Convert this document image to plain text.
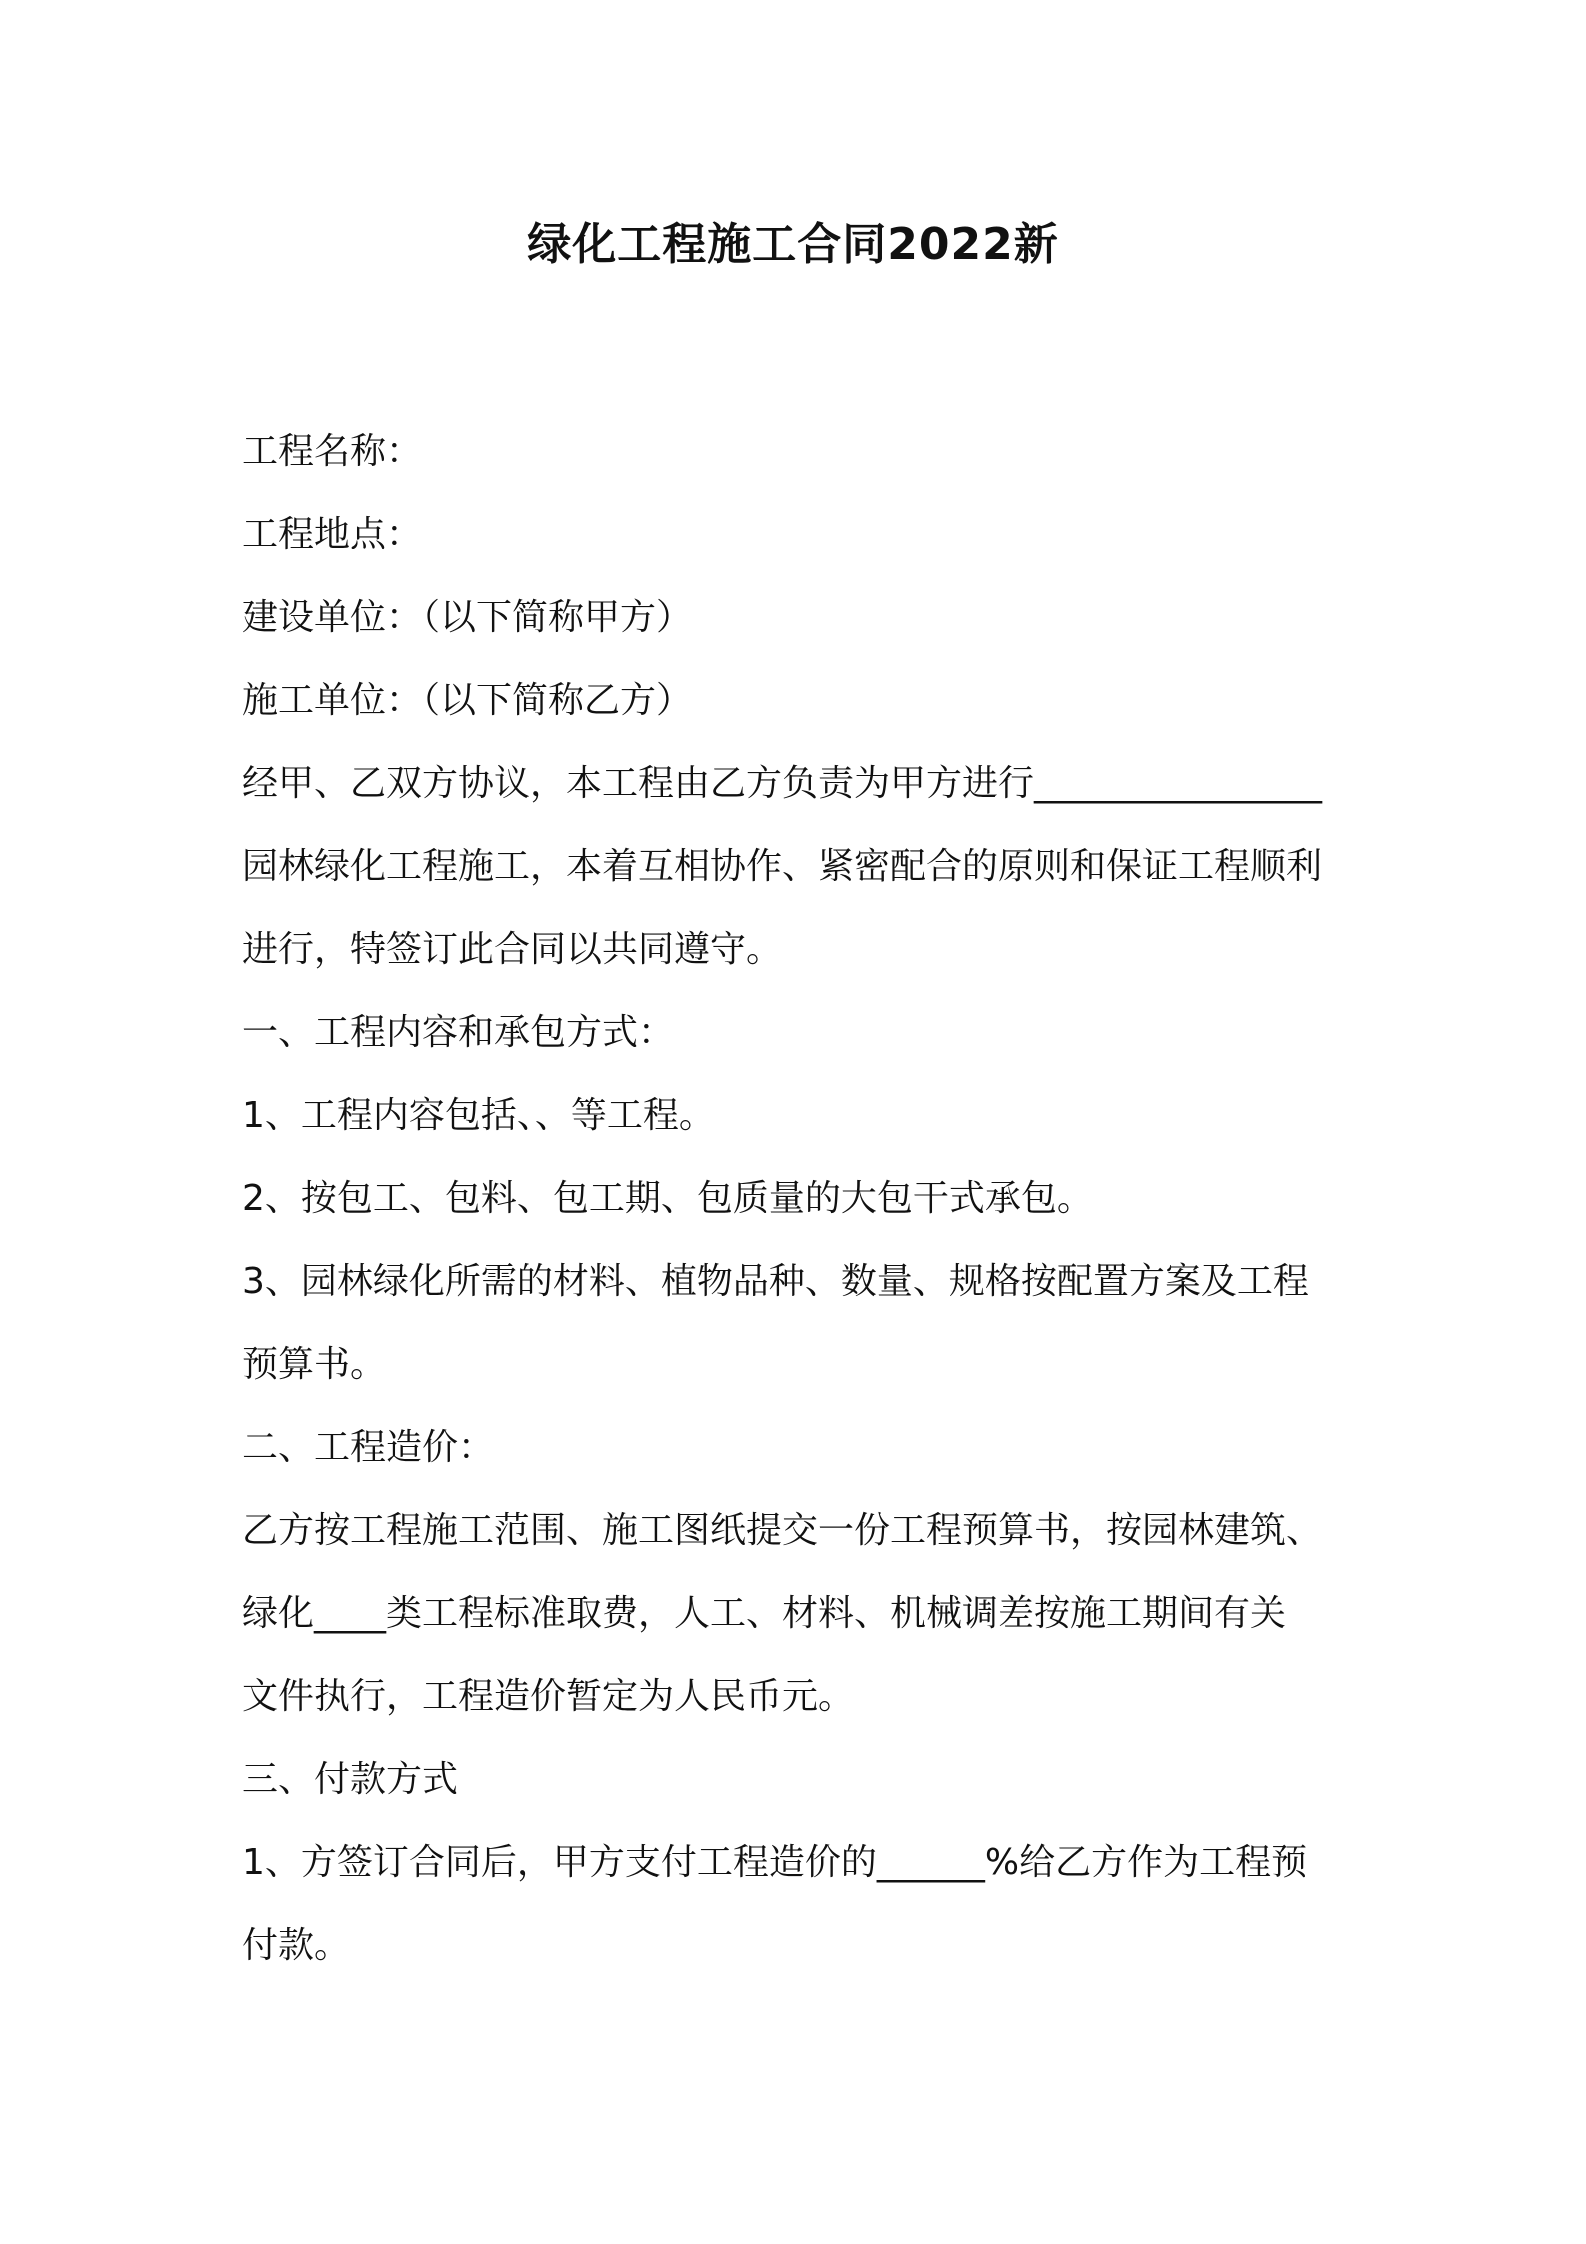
绿化工程施工合同2022新
工程名称：
工程地点：
建设单位：（以下简称甲方）
施工单位：（以下简称乙方）
经甲、乙双方协议，本工程由乙方负责为甲方进行________________
园林绿化工程施工，本着互相协作、紧密配合的原则和保证工程顺利
进行，特签订此合同以共同遵守。
一、工程内容和承包方式：
1、工程内容包括、、等工程。
2、按包工、包料、包工期、包质量的大包干式承包。
3、园林绿化所需的材料、植物品种、数量、规格按配置方案及工程
预算书。
二、工程造价：
乙方按工程施工范围、施工图纸提交一份工程预算书，按园林建筑、
绿化____类工程标准取费，人工、材料、机械调差按施工期间有关
文件执行，工程造价暂定为人民币元。
三、付款方式
1、方签订合同后，甲方支付工程造价的______%给乙方作为工程预
付款。
